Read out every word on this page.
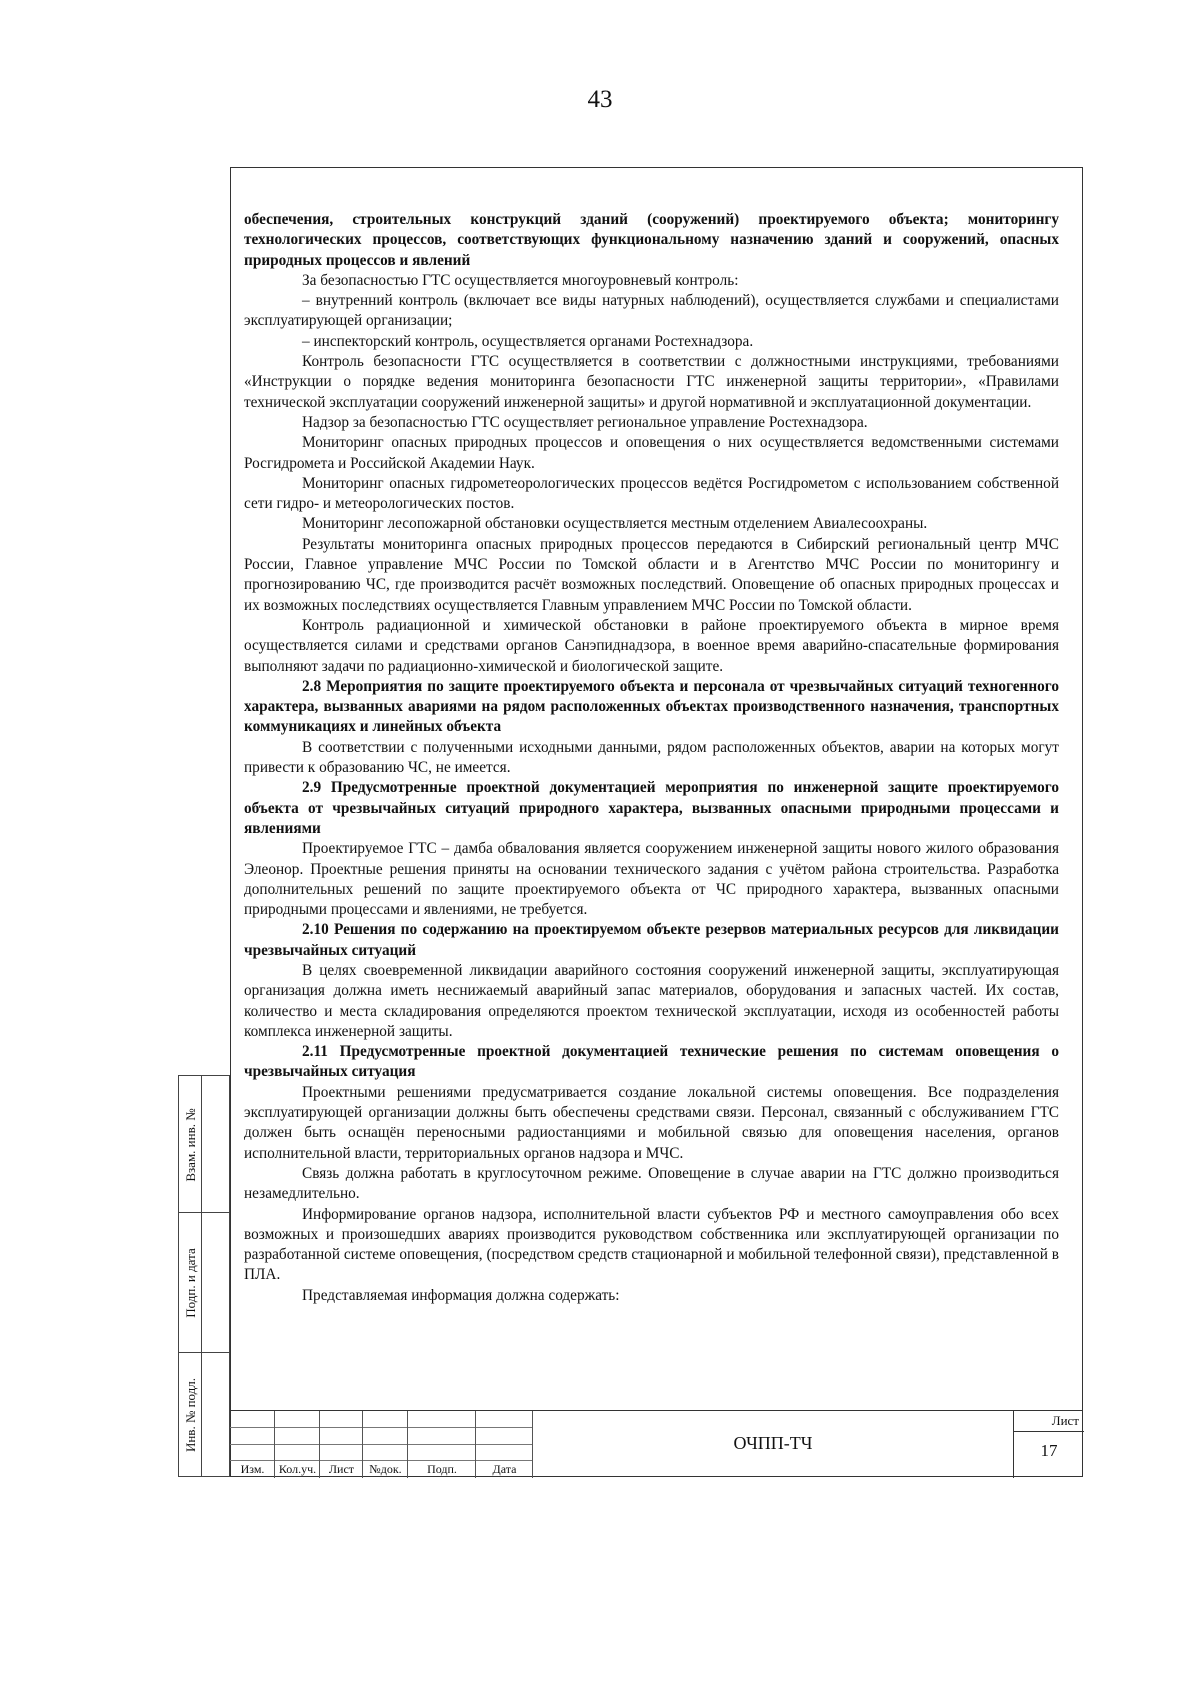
43
Взам. инв. №
Подп. и дата
Инв. № подл.

обеспечения, строительных конструкций зданий (сооружений) проектируемого объекта; мониторингу технологических процессов, соответствующих функциональному назначению зданий и сооружений, опасных природных процессов и явлений

За безопасностью ГТС осуществляется многоуровневый контроль:

– внутренний контроль (включает все виды натурных наблюдений), осуществляется службами и специалистами эксплуатирующей организации;

– инспекторский контроль, осуществляется органами Ростехнадзора.

Контроль безопасности ГТС осуществляется в соответствии с должностными инструкциями, требованиями «Инструкции о порядке ведения мониторинга безопасности ГТС инженерной защиты территории», «Правилами технической эксплуатации сооружений инженерной защиты» и другой нормативной и эксплуатационной документации.

Надзор за безопасностью ГТС осуществляет региональное управление Ростехнадзора.

Мониторинг опасных природных процессов и оповещения о них осуществляется ведомственными системами Росгидромета и Российской Академии Наук.

Мониторинг опасных гидрометеорологических процессов ведётся Росгидрометом с использованием собственной сети гидро- и метеорологических постов.

Мониторинг лесопожарной обстановки осуществляется местным отделением Авиалесоохраны.

Результаты мониторинга опасных природных процессов передаются в Сибирский региональный центр МЧС России, Главное управление МЧС России по Томской области и в Агентство МЧС России по мониторингу и прогнозированию ЧС, где производится расчёт возможных последствий. Оповещение об опасных природных процессах и их возможных последствиях осуществляется Главным управлением МЧС России по Томской области.

Контроль радиационной и химической обстановки в районе проектируемого объекта в мирное время осуществляется силами и средствами органов Санэпиднадзора, в военное время аварийно-спасательные формирования выполняют задачи по радиационно-химической и биологической защите.

2.8 Мероприятия по защите проектируемого объекта и персонала от чрезвычайных ситуаций техногенного характера, вызванных авариями на рядом расположенных объектах производственного назначения, транспортных коммуникациях и линейных объекта

В соответствии с полученными исходными данными, рядом расположенных объектов, аварии на которых могут привести к образованию ЧС, не имеется.

2.9 Предусмотренные проектной документацией мероприятия по инженерной защите проектируемого объекта от чрезвычайных ситуаций природного характера, вызванных опасными природными процессами и явлениями

Проектируемое ГТС – дамба обвалования является сооружением инженерной защиты нового жилого образования Элеонор. Проектные решения приняты на основании технического задания с учётом района строительства. Разработка дополнительных решений по защите проектируемого объекта от ЧС природного характера, вызванных опасными природными процессами и явлениями, не требуется.

2.10 Решения по содержанию на проектируемом объекте резервов материальных ресурсов для ликвидации чрезвычайных ситуаций

В целях своевременной ликвидации аварийного состояния сооружений инженерной защиты, эксплуатирующая организация должна иметь неснижаемый аварийный запас материалов, оборудования и запасных частей. Их состав, количество и места складирования определяются проектом технической эксплуатации, исходя из особенностей работы комплекса инженерной защиты.

2.11 Предусмотренные проектной документацией технические решения по системам оповещения о чрезвычайных ситуация

Проектными решениями предусматривается создание локальной системы оповещения. Все подразделения эксплуатирующей организации должны быть обеспечены средствами связи. Персонал, связанный с обслуживанием ГТС должен быть оснащён переносными радиостанциями и мобильной связью для оповещения населения, органов исполнительной власти, территориальных органов надзора и МЧС.

Связь должна работать в круглосуточном режиме. Оповещение в случае аварии на ГТС должно производиться незамедлительно.

Информирование органов надзора, исполнительной власти субъектов РФ и местного самоуправления обо всех возможных и произошедших авариях производится руководством собственника или эксплуатирующей организации по разработанной системе оповещения, (посредством средств стационарной и мобильной телефонной связи), представленной в ПЛА.

Представляемая информация должна содержать:

Изм.	Кол.уч.	Лист	№док.	Подп.	Дата
ОЧПП-ТЧ
Лист
17
